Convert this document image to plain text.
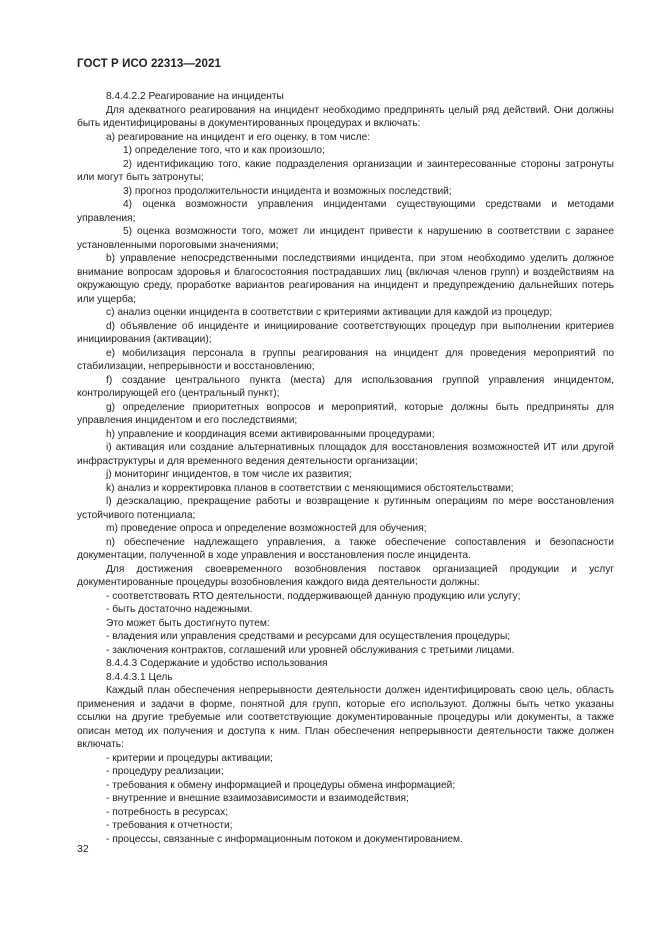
ГОСТ Р ИСО 22313—2021
8.4.4.2.2 Реагирование на инциденты
Для адекватного реагирования на инцидент необходимо предпринять целый ряд действий. Они должны быть идентифицированы в документированных процедурах и включать:
а) реагирование на инцидент и его оценку, в том числе:
1) определение того, что и как произошло;
2) идентификацию того, какие подразделения организации и заинтересованные стороны затронуты или могут быть затронуты;
3) прогноз продолжительности инцидента и возможных последствий;
4) оценка возможности управления инцидентами существующими средствами и методами управления;
5) оценка возможности того, может ли инцидент привести к нарушению в соответствии с заранее установленными пороговыми значениями;
b) управление непосредственными последствиями инцидента, при этом необходимо уделить должное внимание вопросам здоровья и благосостояния пострадавших лиц (включая членов групп) и воздействиям на окружающую среду, проработке вариантов реагирования на инцидент и предупреждению дальнейших потерь или ущерба;
c) анализ оценки инцидента в соответствии с критериями активации для каждой из процедур;
d) объявление об инциденте и инициирование соответствующих процедур при выполнении критериев инициирования (активации);
e) мобилизация персонала в группы реагирования на инцидент для проведения мероприятий по стабилизации, непрерывности и восстановлению;
f) создание центрального пункта (места) для использования группой управления инцидентом, контролирующей его (центральный пункт);
g) определение приоритетных вопросов и мероприятий, которые должны быть предприняты для управления инцидентом и его последствиями;
h) управление и координация всеми активированными процедурами;
i) активация или создание альтернативных площадок для восстановления возможностей ИТ или другой инфраструктуры и для временного ведения деятельности организации;
j) мониторинг инцидентов, в том числе их развития;
k) анализ и корректировка планов в соответствии с меняющимися обстоятельствами;
l) деэскалацию, прекращение работы и возвращение к рутинным операциям по мере восстановления устойчивого потенциала;
m) проведение опроса и определение возможностей для обучения;
n) обеспечение надлежащего управления, а также обеспечение сопоставления и безопасности документации, полученной в ходе управления и восстановления после инцидента.
Для достижения своевременного возобновления поставок организацией продукции и услуг документированные процедуры возобновления каждого вида деятельности должны:
- соответствовать RTO деятельности, поддерживающей данную продукцию или услугу;
- быть достаточно надежными.
Это может быть достигнуто путем:
- владения или управления средствами и ресурсами для осуществления процедуры;
- заключения контрактов, соглашений или уровней обслуживания с третьими лицами.
8.4.4.3 Содержание и удобство использования
8.4.4.3.1 Цель
Каждый план обеспечения непрерывности деятельности должен идентифицировать свою цель, область применения и задачи в форме, понятной для групп, которые его используют. Должны быть четко указаны ссылки на другие требуемые или соответствующие документированные процедуры или документы, а также описан метод их получения и доступа к ним. План обеспечения непрерывности деятельности также должен включать:
- критерии и процедуры активации;
- процедуру реализации;
- требования к обмену информацией и процедуры обмена информацией;
- внутренние и внешние взаимозависимости и взаимодействия;
- потребность в ресурсах;
- требования к отчетности;
- процессы, связанные с информационным потоком и документированием.
32
